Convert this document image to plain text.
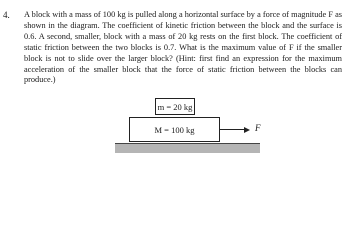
4. A block with a mass of 100 kg is pulled along a horizontal surface by a force of magnitude F as shown in the diagram. The coefficient of kinetic friction between the block and the surface is 0.6. A second, smaller, block with a mass of 20 kg rests on the first block. The coefficient of static friction between the two blocks is 0.7. What is the maximum value of F if the smaller block is not to slide over the larger block? (Hint: first find an expression for the maximum acceleration of the smaller block that the force of static friction between the blocks can produce.)
m = 20 kg
M = 100 kg	F
